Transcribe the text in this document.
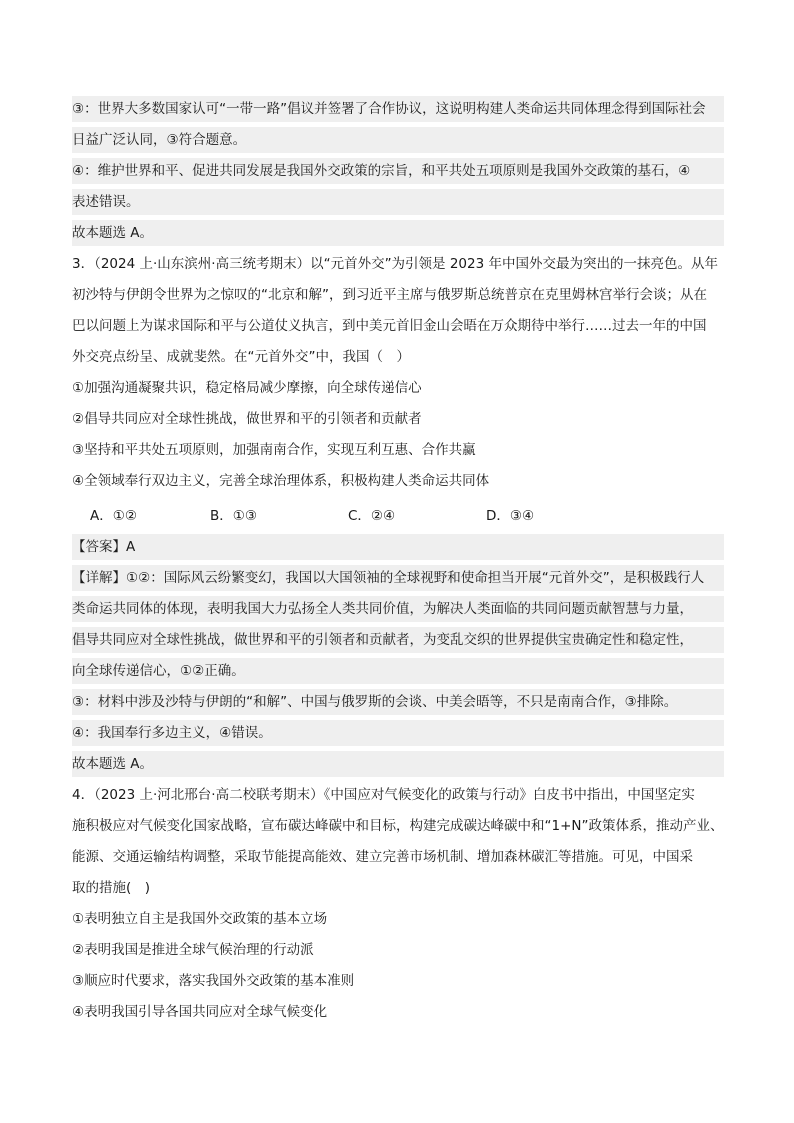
③：世界大多数国家认可“一带一路”倡议并签署了合作协议，这说明构建人类命运共同体理念得到国际社会
日益广泛认同，③符合题意。
④：维护世界和平、促进共同发展是我国外交政策的宗旨，和平共处五项原则是我国外交政策的基石，④
表述错误。
故本题选 A。
3．（2024 上·山东滨州·高三统考期末）以“元首外交”为引领是 2023 年中国外交最为突出的一抹亮色。从年
初沙特与伊朗令世界为之惊叹的“北京和解”，到习近平主席与俄罗斯总统普京在克里姆林宫举行会谈；从在
巴以问题上为谋求国际和平与公道仗义执言，到中美元首旧金山会晤在万众期待中举行……过去一年的中国
外交亮点纷呈、成就斐然。在“元首外交”中，我国（　）
①加强沟通凝聚共识，稳定格局减少摩擦，向全球传递信心
②倡导共同应对全球性挑战，做世界和平的引领者和贡献者
③坚持和平共处五项原则，加强南南合作，实现互利互惠、合作共赢
④全领域奉行双边主义，完善全球治理体系，积极构建人类命运共同体
A．①②	B．①③	C．②④	D．③④
【答案】A
【详解】①②：国际风云纷繁变幻，我国以大国领袖的全球视野和使命担当开展“元首外交”，是积极践行人
类命运共同体的体现，表明我国大力弘扬全人类共同价值，为解决人类面临的共同问题贡献智慧与力量，
倡导共同应对全球性挑战，做世界和平的引领者和贡献者，为变乱交织的世界提供宝贵确定性和稳定性，
向全球传递信心，①②正确。
③：材料中涉及沙特与伊朗的“和解”、中国与俄罗斯的会谈、中美会晤等，不只是南南合作，③排除。
④：我国奉行多边主义，④错误。
故本题选 A。
4．（2023 上·河北邢台·高二校联考期末）《中国应对气候变化的政策与行动》白皮书中指出，中国坚定实
施积极应对气候变化国家战略，宣布碳达峰碳中和目标，构建完成碳达峰碳中和“1+N”政策体系，推动产业、
能源、交通运输结构调整，采取节能提高能效、建立完善市场机制、增加森林碳汇等措施。可见，中国采
取的措施(　)
①表明独立自主是我国外交政策的基本立场
②表明我国是推进全球气候治理的行动派
③顺应时代要求，落实我国外交政策的基本准则
④表明我国引导各国共同应对全球气候变化
